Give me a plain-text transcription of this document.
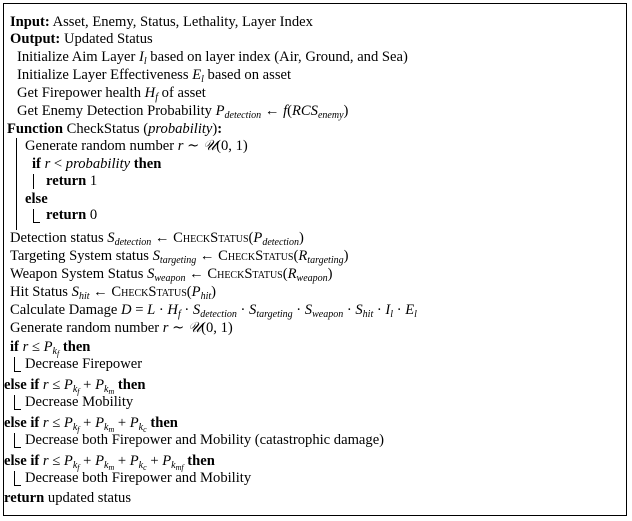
Input: Asset, Enemy, Status, Lethality, Layer Index
Output: Updated Status
Initialize Aim Layer $I_l$ based on layer index (Air, Ground, and Sea)
Initialize Layer Effectiveness $E_l$ based on asset
Get Firepower health $H_f$ of asset
Get Enemy Detection Probability $P_{detection}$ ← $f(RCS_{enemy})$
Function CheckStatus (probability):
Generate random number r ∼ 𝒰(0, 1)
if r < probability then
return 1
else
return 0
Detection status $S_{detection}$ ← $CheckStatus(P_{detection})$
Targeting System status $S_{targeting}$ ← $CheckStatus(R_{targeting})$
Weapon System Status $S_{weapon}$ ← $CheckStatus(R_{weapon})$
Hit Status $S_{hit}$ ← $CheckStatus(P_{hit})$
Calculate Damage $D = L \cdot H_f \cdot S_{detection} \cdot S_{targeting} \cdot S_{weapon} \cdot S_{hit} \cdot I_l \cdot E_l$
Generate random number r ∼ 𝒰(0, 1)
if $r \le P_{k_f}$ then
Decrease Firepower
else if $r \le P_{k_f} + P_{k_m}$ then
Decrease Mobility
else if $r \le P_{k_f} + P_{k_m} + P_{k_c}$ then
Decrease both Firepower and Mobility (catastrophic damage)
else if $r \le P_{k_f} + P_{k_m} + P_{k_c} + P_{k_{mf}}$ then
Decrease both Firepower and Mobility
return updated status
